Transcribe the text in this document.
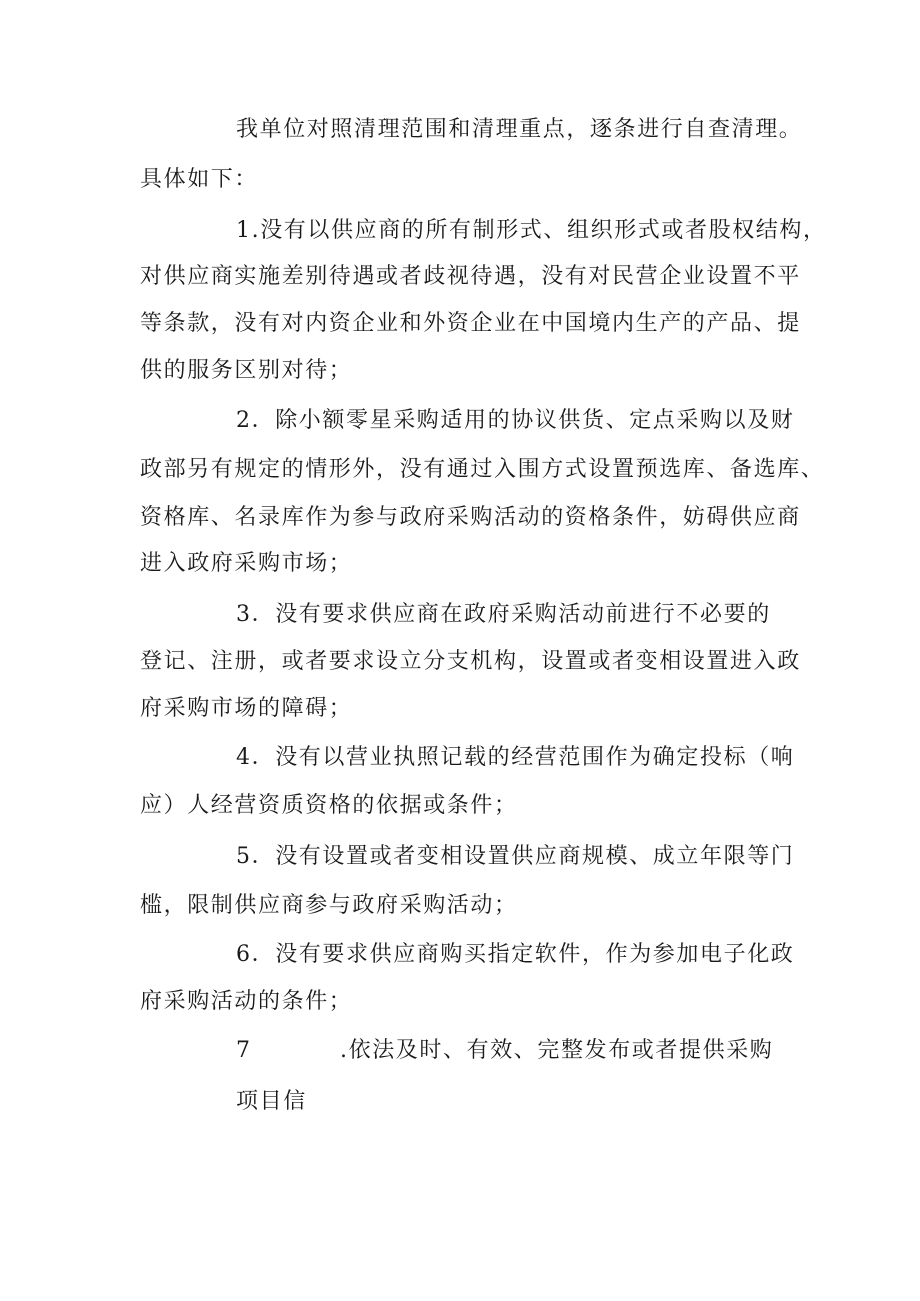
我单位对照清理范围和清理重点，逐条进行自查清理。
具体如下：
1.没有以供应商的所有制形式、组织形式或者股权结构，
对供应商实施差别待遇或者歧视待遇，没有对民营企业设置不平
等条款，没有对内资企业和外资企业在中国境内生产的产品、提
供的服务区别对待；
2．除小额零星采购适用的协议供货、定点采购以及财
政部另有规定的情形外，没有通过入围方式设置预选库、备选库、
资格库、名录库作为参与政府采购活动的资格条件，妨碍供应商
进入政府采购市场；
3．没有要求供应商在政府采购活动前进行不必要的
登记、注册，或者要求设立分支机构，设置或者变相设置进入政
府采购市场的障碍；
4．没有以营业执照记载的经营范围作为确定投标（响
应）人经营资质资格的依据或条件；
5．没有设置或者变相设置供应商规模、成立年限等门
槛，限制供应商参与政府采购活动；
6．没有要求供应商购买指定软件，作为参加电子化政
府采购活动的条件；
7	.依法及时、有效、完整发布或者提供采购
项目信
